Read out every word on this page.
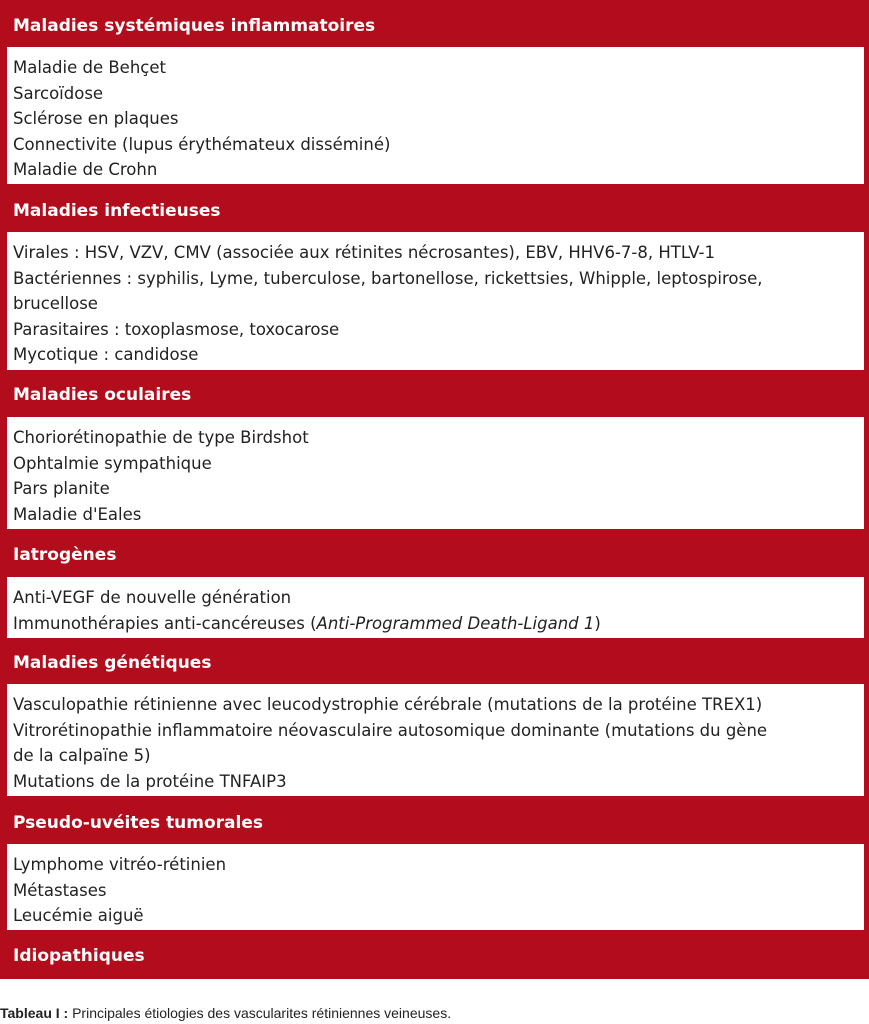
Maladies systémiques inflammatoires
Maladie de Behçet
Sarcoïdose
Sclérose en plaques
Connectivite (lupus érythémateux disséminé)
Maladie de Crohn
Maladies infectieuses
Virales : HSV, VZV, CMV (associée aux rétinites nécrosantes), EBV, HHV6-7-8, HTLV-1
Bactériennes : syphilis, Lyme, tuberculose, bartonellose, rickettsies, Whipple, leptospirose,
brucellose
Parasitaires : toxoplasmose, toxocarose
Mycotique : candidose
Maladies oculaires
Choriorétinopathie de type Birdshot
Ophtalmie sympathique
Pars planite
Maladie d'Eales
Iatrogènes
Anti-VEGF de nouvelle génération
Immunothérapies anti-cancéreuses (Anti-Programmed Death-Ligand 1)
Maladies génétiques
Vasculopathie rétinienne avec leucodystrophie cérébrale (mutations de la protéine TREX1)
Vitrorétinopathie inflammatoire néovasculaire autosomique dominante (mutations du gène
de la calpaïne 5)
Mutations de la protéine TNFAIP3
Pseudo-uvéites tumorales
Lymphome vitréo-rétinien
Métastases
Leucémie aiguë
Idiopathiques
Tableau I : Principales étiologies des vascularites rétiniennes veineuses.
